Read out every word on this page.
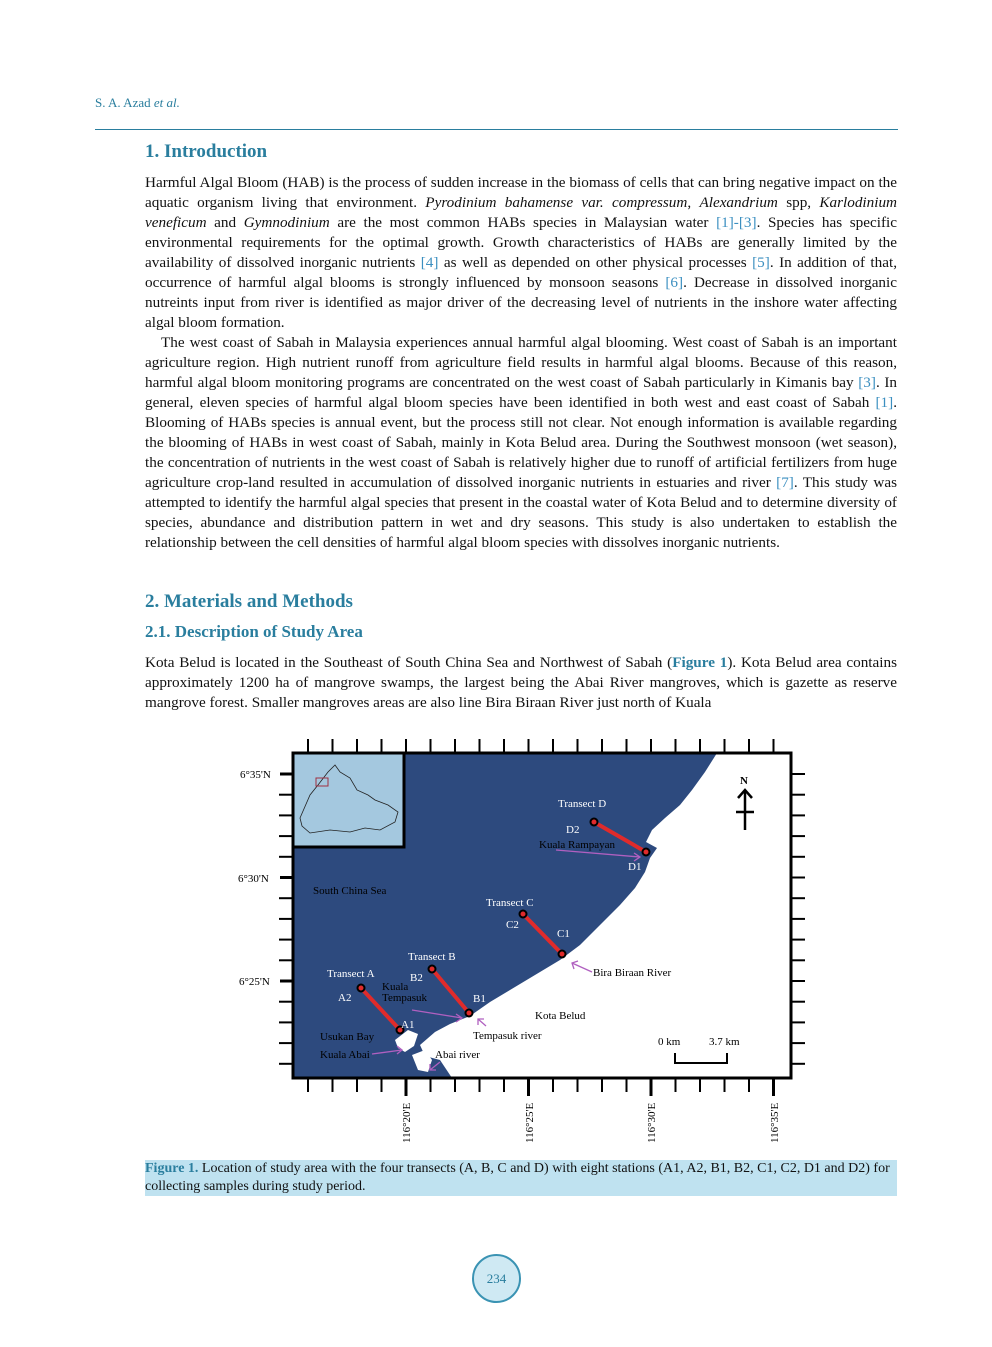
S. A. Azad et al.
1. Introduction

Harmful Algal Bloom (HAB) is the process of sudden increase in the biomass of cells that can bring negative impact on the aquatic organism living that environment. Pyrodinium bahamense var. compressum, Alexandrium spp, Karlodinium veneficum and Gymnodinium are the most common HABs species in Malaysian water [1]-[3]. Species has specific environmental requirements for the optimal growth. Growth characteristics of HABs are generally limited by the availability of dissolved inorganic nutrients [4] as well as depended on other physical processes [5]. In addition of that, occurrence of harmful algal blooms is strongly influenced by monsoon seasons [6]. Decrease in dissolved inorganic nutreints input from river is identified as major driver of the decreasing level of nutrients in the inshore water affecting algal bloom formation.

The west coast of Sabah in Malaysia experiences annual harmful algal blooming. West coast of Sabah is an important agriculture region. High nutrient runoff from agriculture field results in harmful algal blooms. Because of this reason, harmful algal bloom monitoring programs are concentrated on the west coast of Sabah particularly in Kimanis bay [3]. In general, eleven species of harmful algal bloom species have been identified in both west and east coast of Sabah [1]. Blooming of HABs species is annual event, but the process still not clear. Not enough information is available regarding the blooming of HABs in west coast of Sabah, mainly in Kota Belud area. During the Southwest monsoon (wet season), the concentration of nutrients in the west coast of Sabah is relatively higher due to runoff of artificial fertilizers from huge agriculture crop-land resulted in accumulation of dissolved inorganic nutrients in estuaries and river [7]. This study was attempted to identify the harmful algal species that present in the coastal water of Kota Belud and to determine diversity of species, abundance and distribution pattern in wet and dry seasons. This study is also undertaken to establish the relationship between the cell densities of harmful algal bloom species with dissolves inorganic nutrients.

2. Materials and Methods
2.1. Description of Study Area

Kota Belud is located in the Southeast of South China Sea and Northwest of Sabah (Figure 1). Kota Belud area contains approximately 1200 ha of mangrove swamps, the largest being the Abai River mangroves, which is gazette as reserve mangrove forest. Smaller mangroves areas are also line Bira Biraan River just north of Kuala

6°35'N
6°30'N
6°25'N
116°20'E	116°25'E	116°30'E	116°35'E
N
Transect D
Transect C
Transect B
Transect A
D2
D1
C2
C1
B2
B1
A2
A1
South China Sea
Kuala Rampayan
Bira Biraan River
Kuala
Tempasuk
Kota Belud
Tempasuk river
Usukan Bay
Kuala Abai	Abai river
0 km	3.7 km
Figure 1. Location of study area with the four transects (A, B, C and D) with eight stations (A1, A2, B1, B2, C1, C2, D1 and D2) for collecting samples during study period.
234
